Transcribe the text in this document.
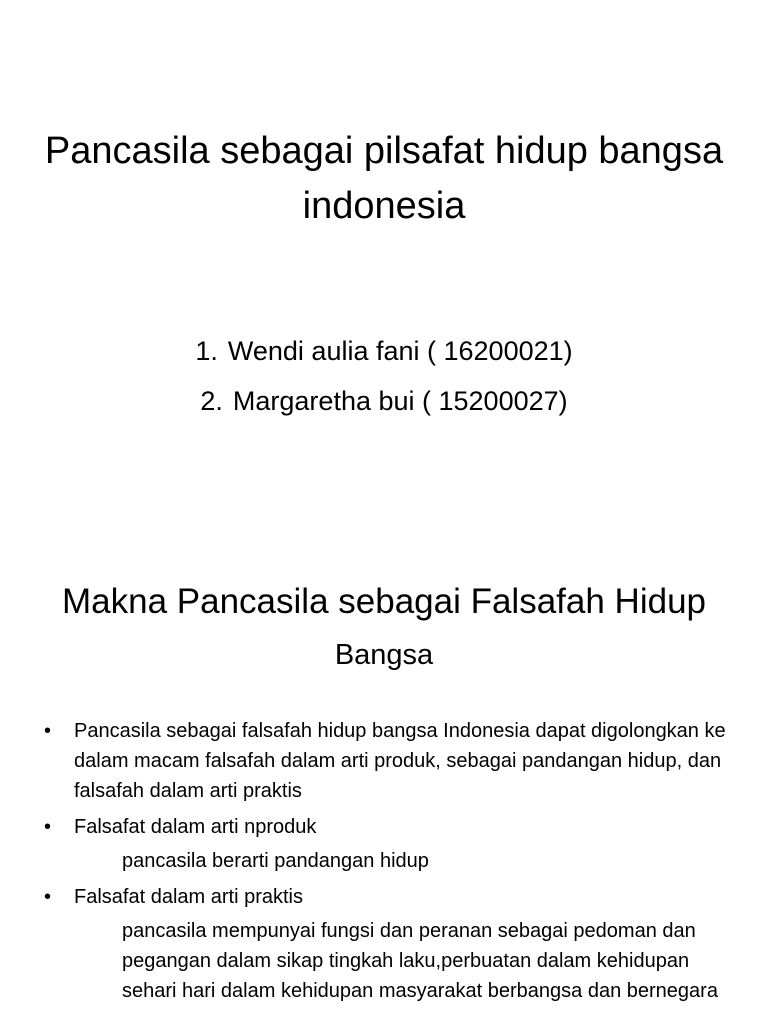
Pancasila sebagai pilsafat hidup bangsa indonesia
1. Wendi aulia fani ( 16200021)
2. Margaretha bui ( 15200027)
Makna Pancasila sebagai Falsafah Hidup Bangsa
• Pancasila sebagai falsafah hidup bangsa Indonesia dapat digolongkan ke dalam macam falsafah dalam arti produk, sebagai pandangan hidup, dan falsafah dalam arti praktis
• Falsafat dalam arti nproduk
pancasila berarti pandangan hidup
• Falsafat dalam arti praktis
pancasila mempunyai fungsi dan peranan sebagai pedoman dan pegangan dalam sikap tingkah laku,perbuatan dalam kehidupan sehari hari dalam kehidupan masyarakat berbangsa dan bernegara
